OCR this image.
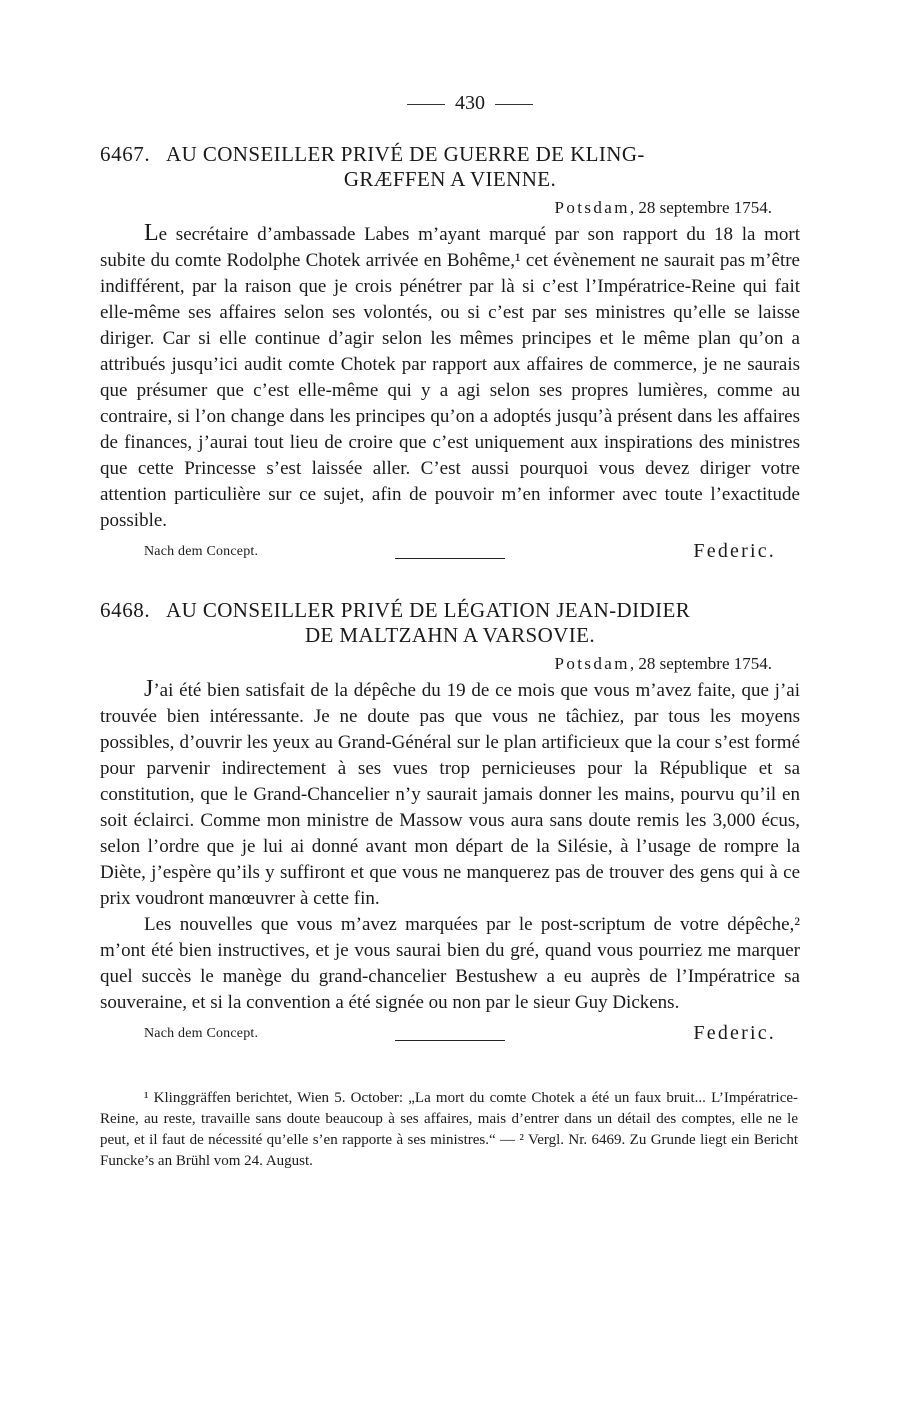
430
6467. AU CONSEILLER PRIVÉ DE GUERRE DE KLING-
GRÆFFEN A VIENNE.
Potsdam, 28 septembre 1754.

Le secrétaire d’ambassade Labes m’ayant marqué par son rapport du 18 la mort subite du comte Rodolphe Chotek arrivée en Bohême,¹ cet évènement ne saurait pas m’être indifférent, par la raison que je crois pénétrer par là si c’est l’Impératrice-Reine qui fait elle-même ses affaires selon ses volontés, ou si c’est par ses ministres qu’elle se laisse diriger. Car si elle continue d’agir selon les mêmes principes et le même plan qu’on a attribués jusqu’ici audit comte Chotek par rapport aux affaires de commerce, je ne saurais que présumer que c’est elle-même qui y a agi selon ses propres lumières, comme au contraire, si l’on change dans les principes qu’on a adoptés jusqu’à présent dans les affaires de finances, j’aurai tout lieu de croire que c’est uniquement aux inspirations des ministres que cette Princesse s’est laissée aller. C’est aussi pourquoi vous devez diriger votre attention particulière sur ce sujet, afin de pouvoir m’en informer avec toute l’exactitude possible.

Nach dem Concept.	Federic.
6468. AU CONSEILLER PRIVÉ DE LÉGATION JEAN-DIDIER
DE MALTZAHN A VARSOVIE.
Potsdam, 28 septembre 1754.

J’ai été bien satisfait de la dépêche du 19 de ce mois que vous m’avez faite, que j’ai trouvée bien intéressante. Je ne doute pas que vous ne tâchiez, par tous les moyens possibles, d’ouvrir les yeux au Grand-Général sur le plan artificieux que la cour s’est formé pour parvenir indirectement à ses vues trop pernicieuses pour la République et sa constitution, que le Grand-Chancelier n’y saurait jamais donner les mains, pourvu qu’il en soit éclairci. Comme mon ministre de Massow vous aura sans doute remis les 3,000 écus, selon l’ordre que je lui ai donné avant mon départ de la Silésie, à l’usage de rompre la Diète, j’espère qu’ils y suffiront et que vous ne manquerez pas de trouver des gens qui à ce prix voudront manœuvrer à cette fin.

Les nouvelles que vous m’avez marquées par le post-scriptum de votre dépêche,² m’ont été bien instructives, et je vous saurai bien du gré, quand vous pourriez me marquer quel succès le manège du grand-chancelier Bestushew a eu auprès de l’Impératrice sa souveraine, et si la convention a été signée ou non par le sieur Guy Dickens.

Nach dem Concept.	Federic.

¹ Klinggräffen berichtet, Wien 5. October: „La mort du comte Chotek a été un faux bruit... L’Impératrice-Reine, au reste, travaille sans doute beaucoup à ses affaires, mais d’entrer dans un détail des comptes, elle ne le peut, et il faut de nécessité qu’elle s’en rapporte à ses ministres.“ — ² Vergl. Nr. 6469. Zu Grunde liegt ein Bericht Funcke’s an Brühl vom 24. August.
